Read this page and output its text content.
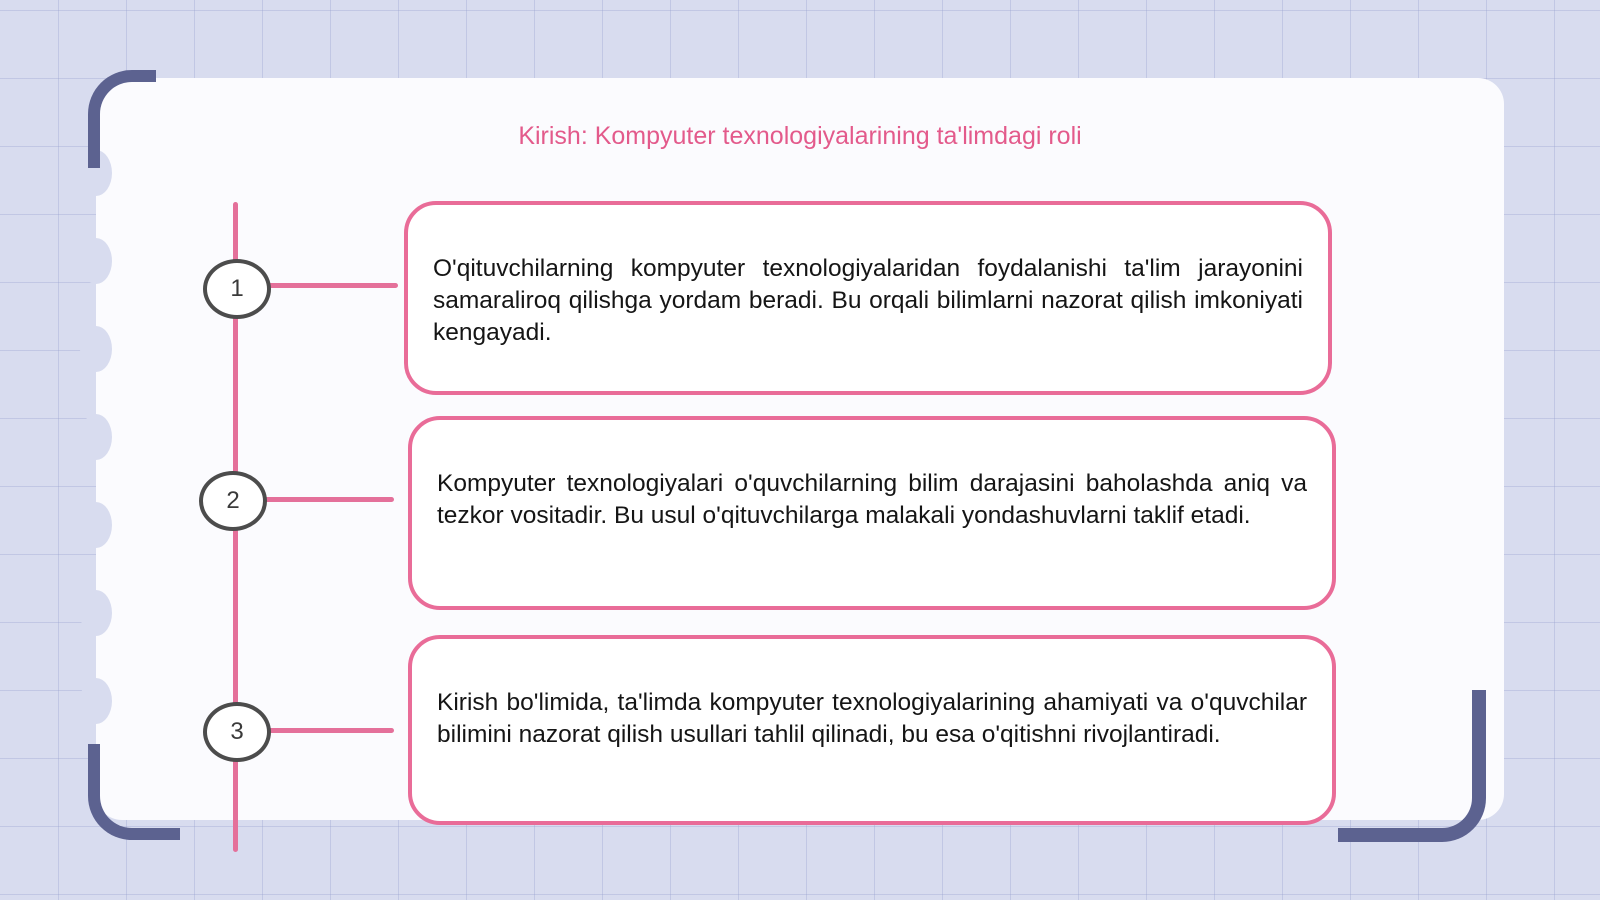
Kirish: Kompyuter texnologiyalarining ta'limdagi roli
1

O'qituvchilarning kompyuter texnologiyalaridan foydalanishi ta'lim jarayonini samaraliroq qilishga yordam beradi. Bu orqali bilimlarni nazorat qilish imkoniyati kengayadi.

2

Kompyuter texnologiyalari o'quvchilarning bilim darajasini baholashda aniq va tezkor vositadir. Bu usul o'qituvchilarga malakali yondashuvlarni taklif etadi.

3

Kirish bo'limida, ta'limda kompyuter texnologiyalarining ahamiyati va o'quvchilar bilimini nazorat qilish usullari tahlil qilinadi, bu esa o'qitishni rivojlantiradi.
